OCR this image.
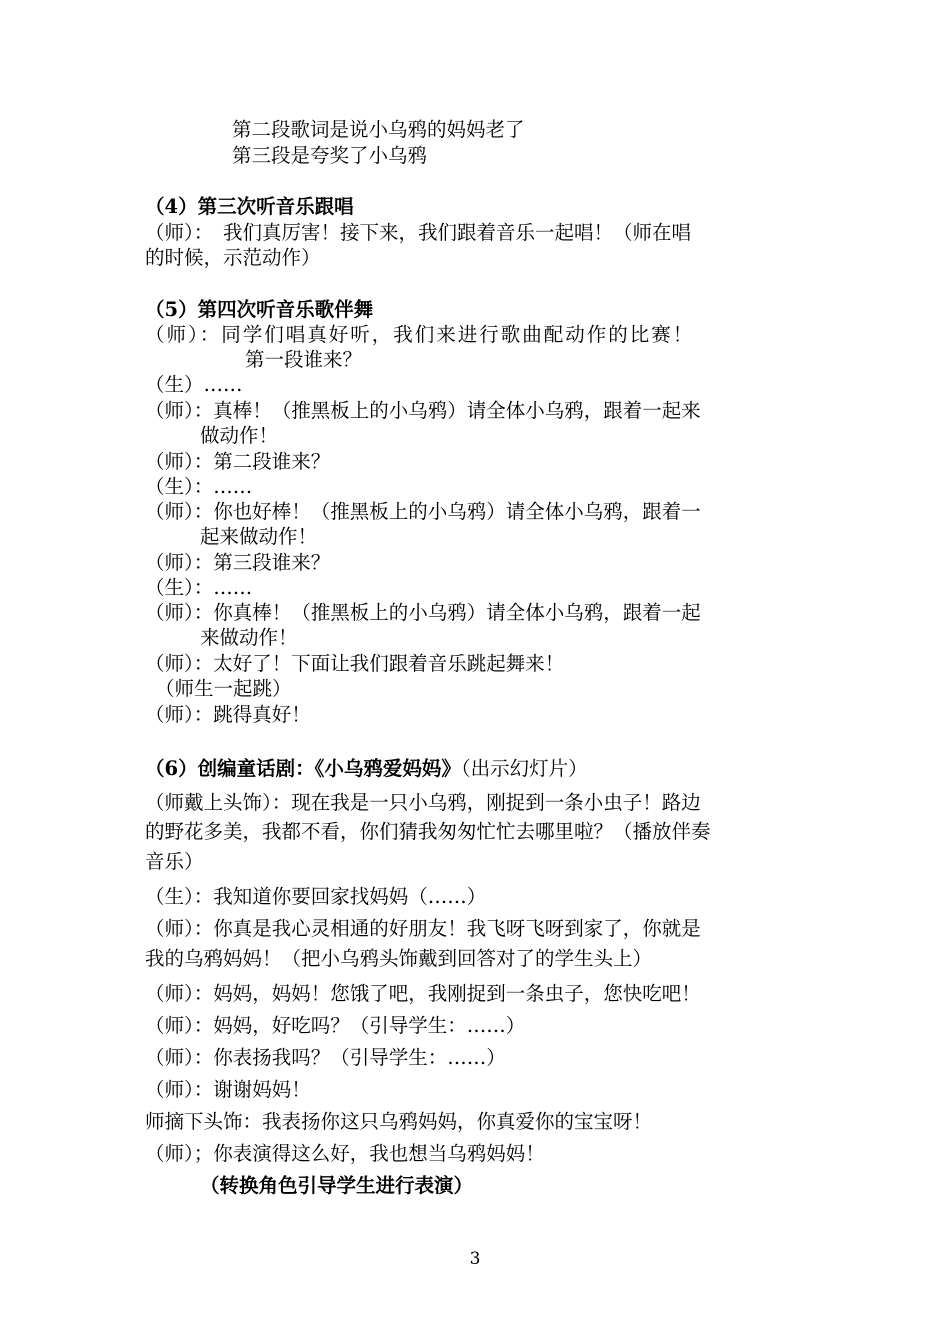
第二段歌词是说小乌鸦的妈妈老了
第三段是夸奖了小乌鸦
（4）第三次听音乐跟唱
（师）：　我们真厉害！接下来，我们跟着音乐一起唱！（师在唱
的时候，示范动作）
（5）第四次听音乐歌伴舞
（师）：同学们唱真好听，我们来进行歌曲配动作的比赛！
第一段谁来？
（生）……
（师）：真棒！（推黑板上的小乌鸦）请全体小乌鸦，跟着一起来
做动作！
（师）：第二段谁来？
（生）：……
（师）：你也好棒！（推黑板上的小乌鸦）请全体小乌鸦，跟着一
起来做动作！
（师）：第三段谁来？
（生）：……
（师）：你真棒！（推黑板上的小乌鸦）请全体小乌鸦，跟着一起
来做动作！
（师）：太好了！下面让我们跟着音乐跳起舞来！
（师生一起跳）
（师）：跳得真好！
（6）创编童话剧：《小乌鸦爱妈妈》（出示幻灯片）
（师戴上头饰）：现在我是一只小乌鸦，刚捉到一条小虫子！路边
的野花多美，我都不看，你们猜我匆匆忙忙去哪里啦？（播放伴奏
音乐）
（生）：我知道你要回家找妈妈（……）
（师）：你真是我心灵相通的好朋友！我飞呀飞呀到家了，你就是
我的乌鸦妈妈！（把小乌鸦头饰戴到回答对了的学生头上）
（师）：妈妈，妈妈！您饿了吧，我刚捉到一条虫子，您快吃吧！
（师）：妈妈，好吃吗？（引导学生：……）
（师）：你表扬我吗？（引导学生：……）
（师）：谢谢妈妈！
师摘下头饰：我表扬你这只乌鸦妈妈，你真爱你的宝宝呀！
（师）；你表演得这么好，我也想当乌鸦妈妈！
（转换角色引导学生进行表演）
3
